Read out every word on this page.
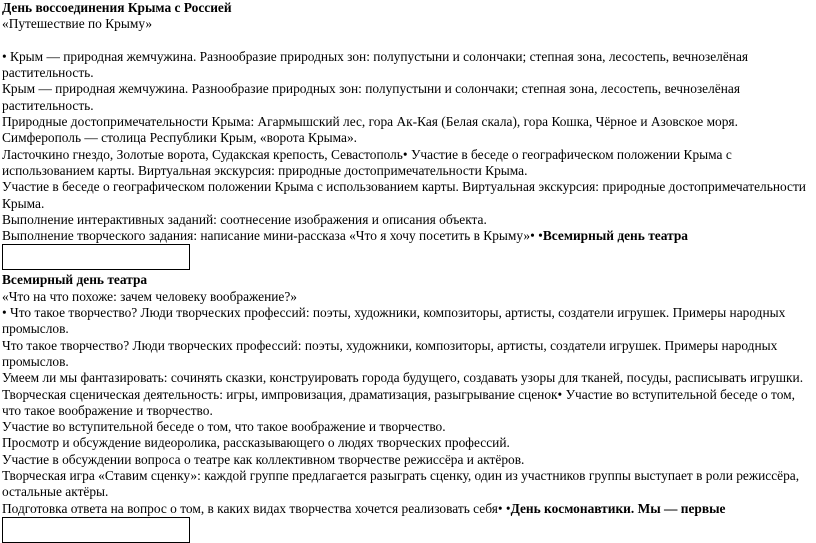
День воссоединения Крыма с Россией
«Путешествие по Крыму»

• Крым — природная жемчужина. Разнообразие природных зон: полупустыни и солончаки; степная зона, лесостепь, вечнозелёная растительность.
Крым — природная жемчужина. Разнообразие природных зон: полупустыни и солончаки; степная зона, лесостепь, вечнозелёная растительность.
Природные достопримечательности Крыма: Агармышский лес, гора Ак-Кая (Белая скала), гора Кошка, Чёрное и Азовское моря.
Симферополь — столица Республики Крым, «ворота Крыма».
Ласточкино гнездо, Золотые ворота, Судакская крепость, Севастополь• Участие в беседе о географическом положении Крыма с использованием карты. Виртуальная экскурсия: природные достопримечательности Крыма.
Участие в беседе о географическом положении Крыма с использованием карты. Виртуальная экскурсия: природные достопримечательности Крыма.
Выполнение интерактивных заданий: соотнесение изображения и описания объекта.
Выполнение творческого задания: написание мини-рассказа «Что я хочу посетить в Крыму»• •Всемирный день театра
Всемирный день театра
«Что на что похоже: зачем человеку воображение?»
• Что такое творчество? Люди творческих профессий: поэты, художники, композиторы, артисты, создатели игрушек. Примеры народных промыслов.
Что такое творчество? Люди творческих профессий: поэты, художники, композиторы, артисты, создатели игрушек. Примеры народных промыслов.
Умеем ли мы фантазировать: сочинять сказки, конструировать города будущего, создавать узоры для тканей, посуды, расписывать игрушки.
Творческая сценическая деятельность: игры, импровизация, драматизация, разыгрывание сценок• Участие во вступительной беседе о том, что такое воображение и творчество.
Участие во вступительной беседе о том, что такое воображение и творчество.
Просмотр и обсуждение видеоролика, рассказывающего о людях творческих профессий.
Участие в обсуждении вопроса о театре как коллективном творчестве режиссёра и актёров.
Творческая игра «Ставим сценку»: каждой группе предлагается разыграть сценку, один из участников группы выступает в роли режиссёра, остальные актёры.
Подготовка ответа на вопрос о том, в каких видах творчества хочется реализовать себя• •День космонавтики. Мы — первые
